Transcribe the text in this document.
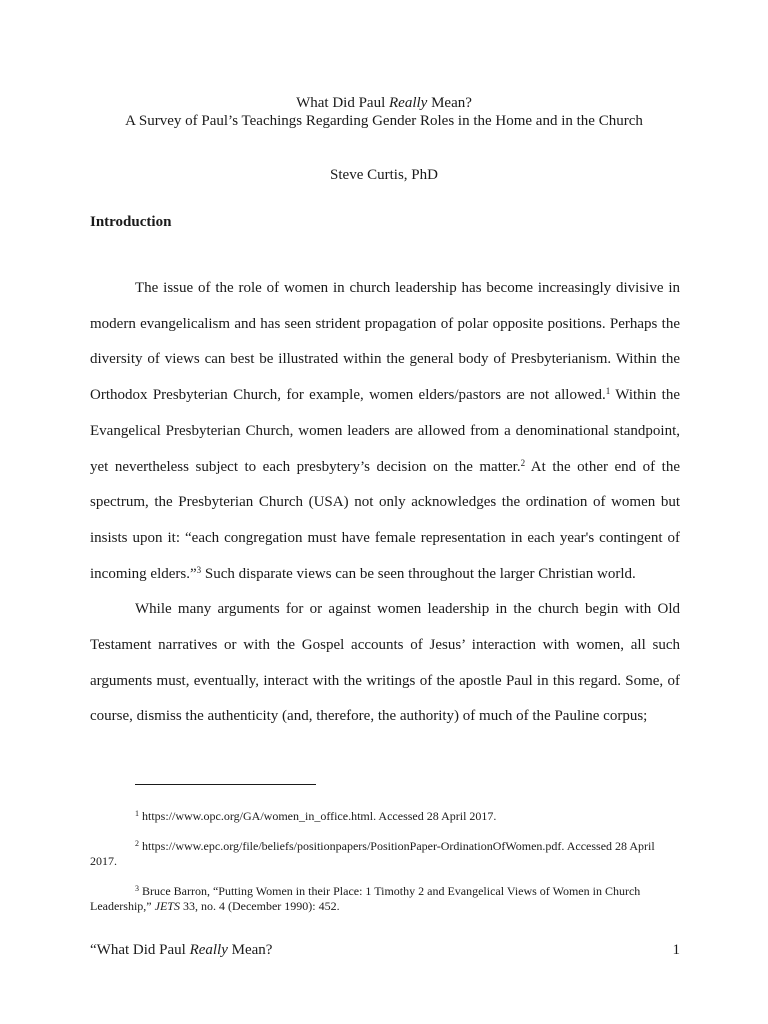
What Did Paul Really Mean?
A Survey of Paul’s Teachings Regarding Gender Roles in the Home and in the Church
Steve Curtis, PhD
Introduction

The issue of the role of women in church leadership has become increasingly divisive in modern evangelicalism and has seen strident propagation of polar opposite positions. Perhaps the diversity of views can best be illustrated within the general body of Presbyterianism. Within the Orthodox Presbyterian Church, for example, women elders/pastors are not allowed.$^1$ Within the Evangelical Presbyterian Church, women leaders are allowed from a denominational standpoint, yet nevertheless subject to each presbytery’s decision on the matter.$^2$ At the other end of the spectrum, the Presbyterian Church (USA) not only acknowledges the ordination of women but insists upon it: “each congregation must have female representation in each year's contingent of incoming elders.”$^3$ Such disparate views can be seen throughout the larger Christian world.

While many arguments for or against women leadership in the church begin with Old Testament narratives or with the Gospel accounts of Jesus’ interaction with women, all such arguments must, eventually, interact with the writings of the apostle Paul in this regard. Some, of course, dismiss the authenticity (and, therefore, the authority) of much of the Pauline corpus;

$^1$ https://www.opc.org/GA/women_in_office.html. Accessed 28 April 2017.
$^2$ https://www.epc.org/file/beliefs/positionpapers/PositionPaper-OrdinationOfWomen.pdf. Accessed 28 April 2017.
$^3$ Bruce Barron, “Putting Women in their Place: 1 Timothy 2 and Evangelical Views of Women in Church Leadership,” JETS 33, no. 4 (December 1990): 452.
“What Did Paul Really Mean?	1
